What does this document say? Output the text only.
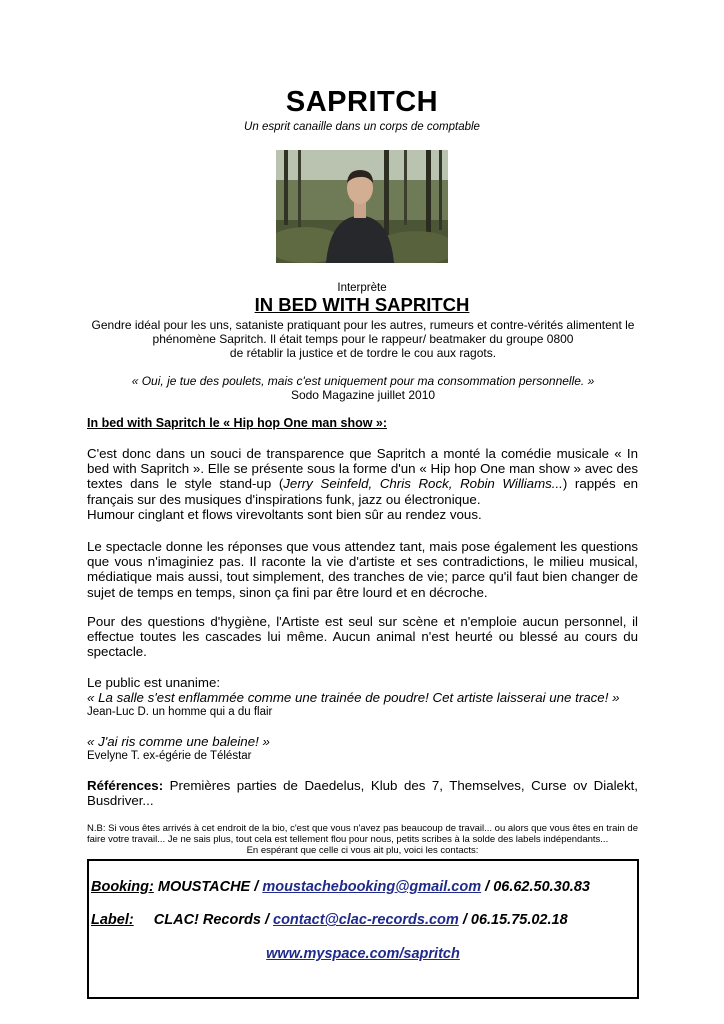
SAPRITCH
Un esprit canaille dans un corps de comptable
Interprète
IN BED WITH SAPRITCH
Gendre idéal pour les uns, sataniste pratiquant pour les autres, rumeurs et contre-vérités alimentent le
phénomène Sapritch. Il était temps pour le rappeur/ beatmaker du groupe 0800
de rétablir la justice et de tordre le cou aux ragots.
« Oui, je tue des poulets, mais c'est uniquement pour ma consommation personnelle. »
Sodo Magazine juillet 2010
In bed with Sapritch le « Hip hop One man show »:
C'est donc dans un souci de transparence que Sapritch a monté la comédie musicale « In bed with Sapritch ». Elle se présente sous la forme d'un « Hip hop One man show » avec des textes dans le style stand-up (Jerry Seinfeld, Chris Rock, Robin Williams...) rappés en français sur des musiques d'inspirations funk, jazz ou électronique.
Humour cinglant et flows virevoltants sont bien sûr au rendez vous.
Le spectacle donne les réponses que vous attendez tant, mais pose également les questions que vous n'imaginiez pas. Il raconte la vie d'artiste et ses contradictions, le milieu musical, médiatique mais aussi, tout simplement, des tranches de vie; parce qu'il faut bien changer de sujet de temps en temps, sinon ça fini par être lourd et en décroche.
Pour des questions d'hygiène, l'Artiste est seul sur scène et n'emploie aucun personnel, il effectue toutes les cascades lui même. Aucun animal n'est heurté ou blessé au cours du spectacle.
Le public est unanime:
« La salle s'est enflammée comme une trainée de poudre! Cet artiste laisserai une trace! »
Jean-Luc D. un homme qui a du flair
« J'ai ris comme une baleine! »
Evelyne T. ex-égérie de Téléstar
Références: Premières parties de Daedelus, Klub des 7, Themselves, Curse ov Dialekt, Busdriver...
N.B: Si vous êtes arrivés à cet endroit de la bio, c'est que vous n'avez pas beaucoup de travail... ou alors que vous êtes en train de faire votre travail... Je ne sais plus, tout cela est tellement flou pour nous, petits scribes à la solde des labels indépendants...
En espérant que celle ci vous ait plu, voici les contacts:
Booking: MOUSTACHE / moustachebooking@gmail.com / 06.62.50.30.83
Label: CLAC! Records / contact@clac-records.com / 06.15.75.02.18
www.myspace.com/sapritch
